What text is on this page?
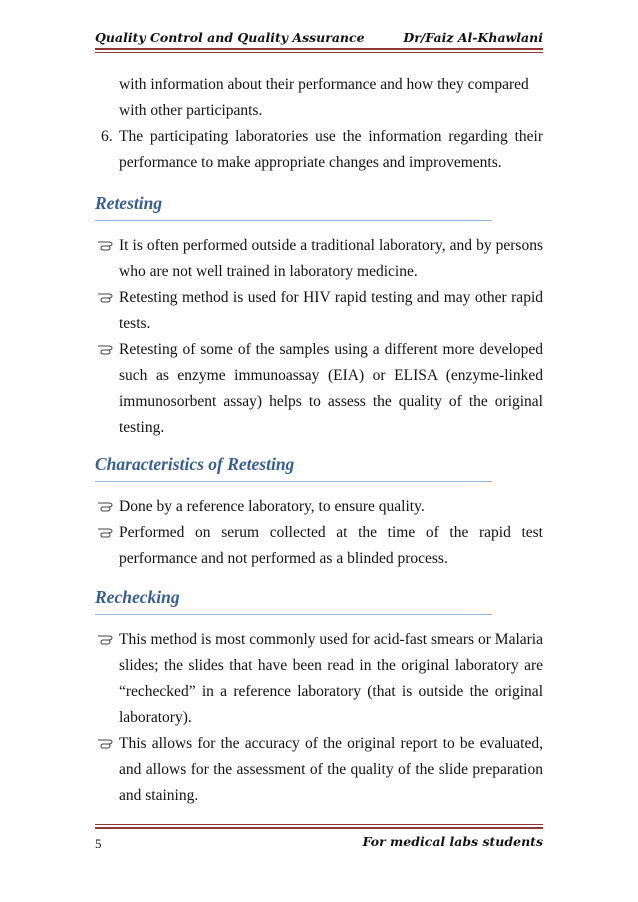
Quality Control and Quality Assurance	Dr/Faiz Al-Khawlani

with information about their performance and how they compared

with other participants.

6. The participating laboratories use the information regarding their performance to make appropriate changes and improvements.

Retesting

It is often performed outside a traditional laboratory, and by persons who are not well trained in laboratory medicine.

Retesting method is used for HIV rapid testing and may other rapid tests.

Retesting of some of the samples using a different more developed such as enzyme immunoassay (EIA) or ELISA (enzyme-linked immunosorbent assay) helps to assess the quality of the original testing.

Characteristics of Retesting

Done by a reference laboratory, to ensure quality.

Performed on serum collected at the time of the rapid test performance and not performed as a blinded process.

Rechecking

This method is most commonly used for acid-fast smears or Malaria slides; the slides that have been read in the original laboratory are “rechecked” in a reference laboratory (that is outside the original laboratory).

This allows for the accuracy of the original report to be evaluated, and allows for the assessment of the quality of the slide preparation and staining.

5	For medical labs students
